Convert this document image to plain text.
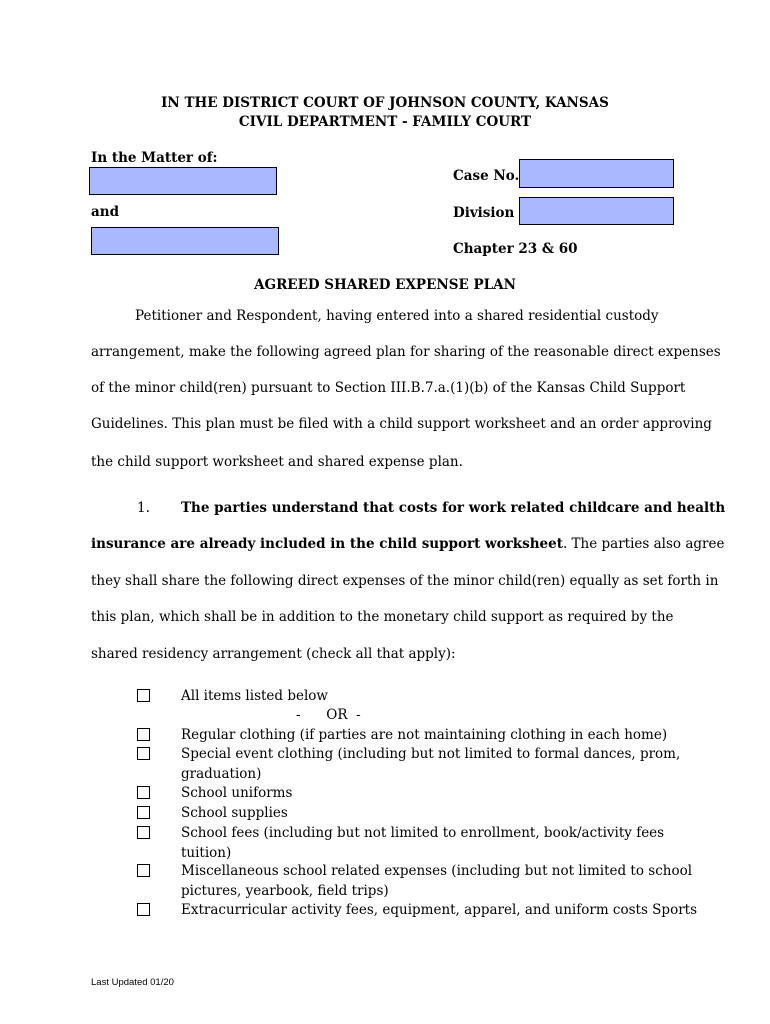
IN THE DISTRICT COURT OF JOHNSON COUNTY, KANSAS
CIVIL DEPARTMENT - FAMILY COURT
In the Matter of:
and
Case No.
Division
Chapter 23 & 60
AGREED SHARED EXPENSE PLAN
Petitioner and Respondent, having entered into a shared residential custody
arrangement, make the following agreed plan for sharing of the reasonable direct expenses
of the minor child(ren) pursuant to Section III.B.7.a.(1)(b) of the Kansas Child Support
Guidelines. This plan must be filed with a child support worksheet and an order approving
the child support worksheet and shared expense plan.
1. The parties understand that costs for work related childcare and health
insurance are already included in the child support worksheet. The parties also agree
they shall share the following direct expenses of the minor child(ren) equally as set forth in
this plan, which shall be in addition to the monetary child support as required by the
shared residency arrangement (check all that apply):
All items listed below
-      OR  -
Regular clothing (if parties are not maintaining clothing in each home)
Special event clothing (including but not limited to formal dances, prom,
graduation)
School uniforms
School supplies
School fees (including but not limited to enrollment, book/activity fees
tuition)
Miscellaneous school related expenses (including but not limited to school
pictures, yearbook, field trips)
Extracurricular activity fees, equipment, apparel, and uniform costs Sports
Last Updated 01/20
